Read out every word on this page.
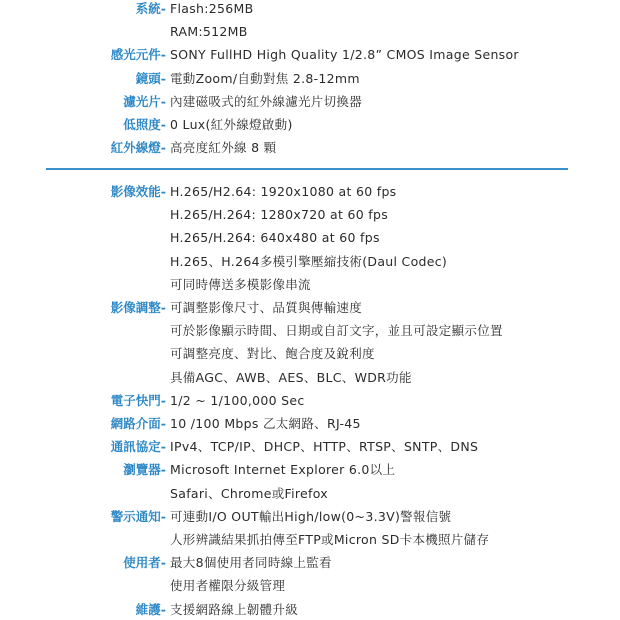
系統- Flash:256MB
RAM:512MB
感光元件- SONY FullHD High Quality 1/2.8” CMOS Image Sensor
鏡頭- 電動Zoom/自動對焦 2.8-12mm
濾光片- 內建磁吸式的紅外線濾光片切換器
低照度- 0 Lux(紅外線燈啟動)
紅外線燈- 高亮度紅外線 8 顆
影像效能- H.265/H2.64: 1920x1080 at 60 fps
H.265/H.264: 1280x720 at 60 fps
H.265/H.264: 640x480 at 60 fps
H.265、H.264多模引擎壓縮技術(Daul Codec)
可同時傳送多模影像串流
影像調整- 可調整影像尺寸、品質與傳輸速度
可於影像顯示時間、日期或自訂文字，並且可設定顯示位置
可調整亮度、對比、飽合度及銳利度
具備AGC、AWB、AES、BLC、WDR功能
電子快門- 1/2 ~ 1/100,000 Sec
網路介面- 10 /100 Mbps 乙太網路、RJ-45
通訊協定- IPv4、TCP/IP、DHCP、HTTP、RTSP、SNTP、DNS
瀏覽器- Microsoft Internet Explorer 6.0以上
Safari、Chrome或Firefox
警示通知- 可連動I/O OUT輸出High/low(0~3.3V)警報信號
人形辨識結果抓拍傳至FTP或Micron SD卡本機照片儲存
使用者- 最大8個使用者同時線上監看
使用者權限分級管理
維護- 支援網路線上韌體升級
